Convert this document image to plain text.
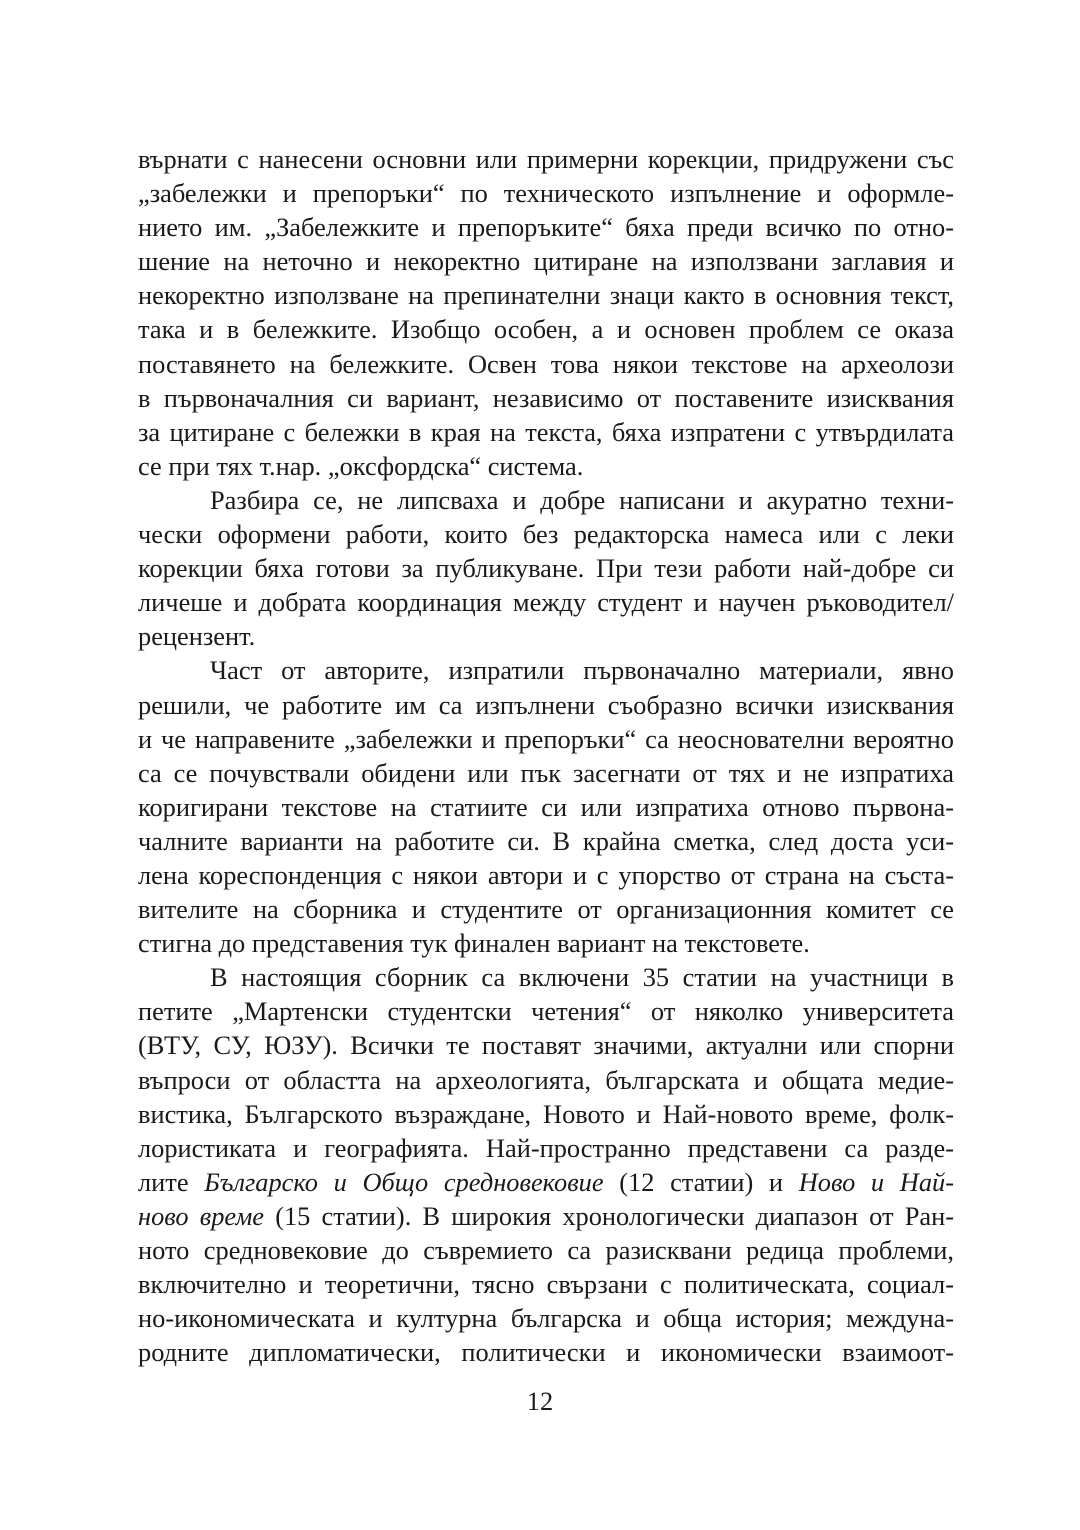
върнати с нанесени основни или примерни корекции, придружени със
„забележки и препоръки“ по техническото изпълнение и оформле-
нието им. „Забележките и препоръките“ бяха преди всичко по отно-
шение на неточно и некоректно цитиране на използвани заглавия и
некоректно използване на препинателни знаци както в основния текст,
така и в бележките. Изобщо особен, а и основен проблем се оказа
поставянето на бележките. Освен това някои текстове на археолози
в първоначалния си вариант, независимо от поставените изисквания
за цитиране с бележки в края на текста, бяха изпратени с утвърдилата
се при тях т.нар. „оксфордска“ система.

Разбира се, не липсваха и добре написани и акуратно техни-
чески оформени работи, които без редакторска намеса или с леки
корекции бяха готови за публикуване. При тези работи най-добре си
личеше и добрата координация между студент и научен ръководител/
рецензент.

Част от авторите, изпратили първоначално материали, явно
решили, че работите им са изпълнени съобразно всички изисквания
и че направените „забележки и препоръки“ са неоснователни вероятно
са се почувствали обидени или пък засегнати от тях и не изпратиха
коригирани текстове на статиите си или изпратиха отново първона-
чалните варианти на работите си. В крайна сметка, след доста уси-
лена кореспонденция с някои автори и с упорство от страна на съста-
вителите на сборника и студентите от организационния комитет се
стигна до представения тук финален вариант на текстовете.

В настоящия сборник са включени 35 статии на участници в
петите „Мартенски студентски четения“ от няколко университета
(ВТУ, СУ, ЮЗУ). Всички те поставят значими, актуални или спорни
въпроси от областта на археологията, българската и общата медие-
вистика, Българското възраждане, Новото и Най-новото време, фолк-
лористиката и географията. Най-пространно представени са разде-
лите Българско и Общо средновековие (12 статии) и Ново и Най-
ново време (15 статии). В широкия хронологически диапазон от Ран-
ното средновековие до съвремието са разисквани редица проблеми,
включително и теоретични, тясно свързани с политическата, социал-
но-икономическата и културна българска и обща история; междуна-
родните дипломатически, политически и икономически взаимоот-

12
